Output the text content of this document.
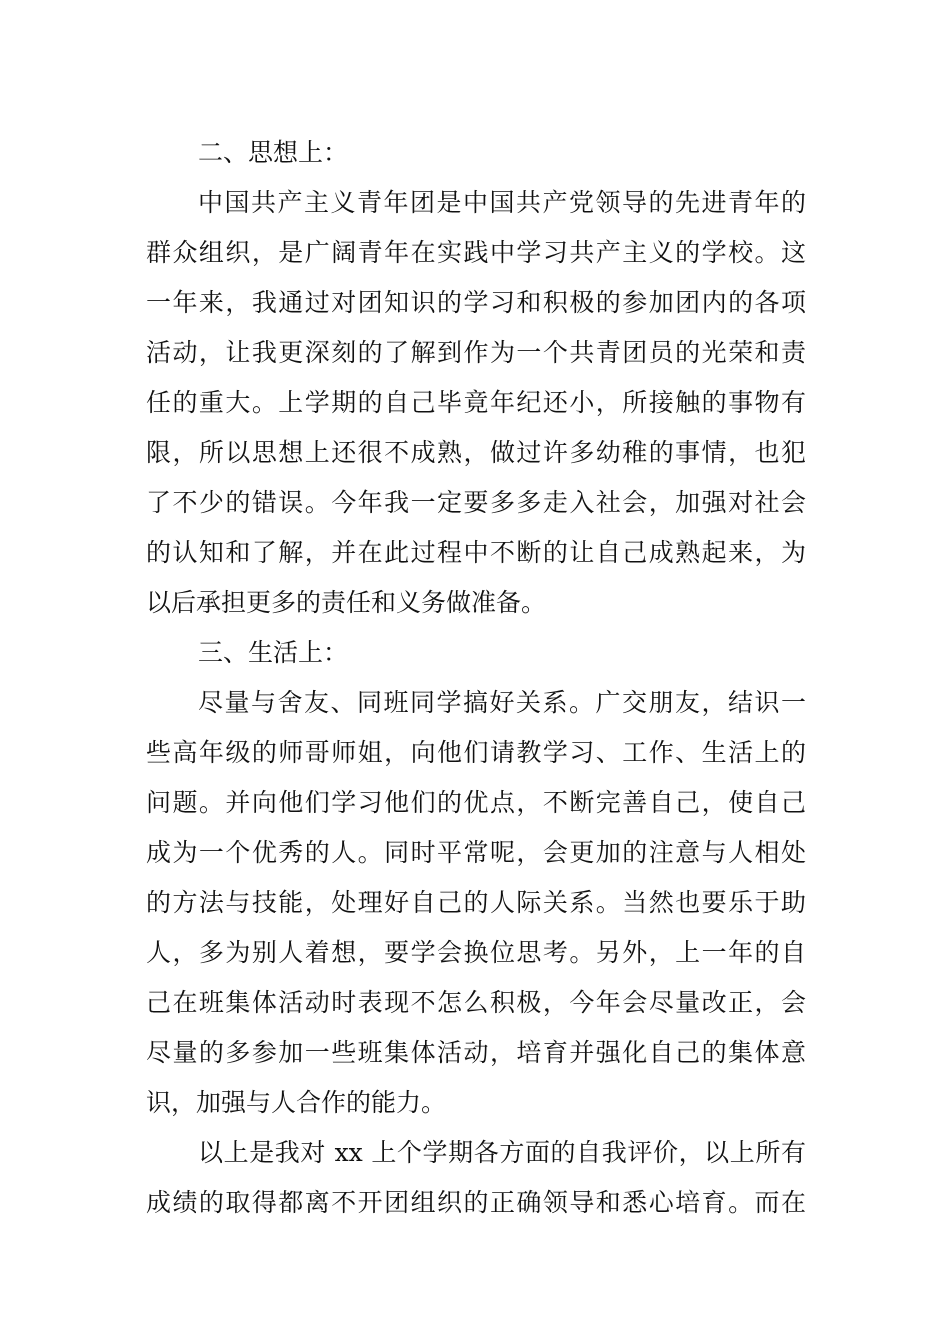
二、思想上：
中国共产主义青年团是中国共产党领导的先进青年的
群众组织，是广阔青年在实践中学习共产主义的学校。这
一年来，我通过对团知识的学习和积极的参加团内的各项
活动，让我更深刻的了解到作为一个共青团员的光荣和责
任的重大。上学期的自己毕竟年纪还小，所接触的事物有
限，所以思想上还很不成熟，做过许多幼稚的事情，也犯
了不少的错误。今年我一定要多多走入社会，加强对社会
的认知和了解，并在此过程中不断的让自己成熟起来，为
以后承担更多的责任和义务做准备。
三、生活上：
尽量与舍友、同班同学搞好关系。广交朋友，结识一
些高年级的师哥师姐，向他们请教学习、工作、生活上的
问题。并向他们学习他们的优点，不断完善自己，使自己
成为一个优秀的人。同时平常呢，会更加的注意与人相处
的方法与技能，处理好自己的人际关系。当然也要乐于助
人，多为别人着想，要学会换位思考。另外，上一年的自
己在班集体活动时表现不怎么积极，今年会尽量改正，会
尽量的多参加一些班集体活动，培育并强化自己的集体意
识，加强与人合作的能力。
以上是我对 xx 上个学期各方面的自我评价，以上所有
成绩的取得都离不开团组织的正确领导和悉心培育。而在
